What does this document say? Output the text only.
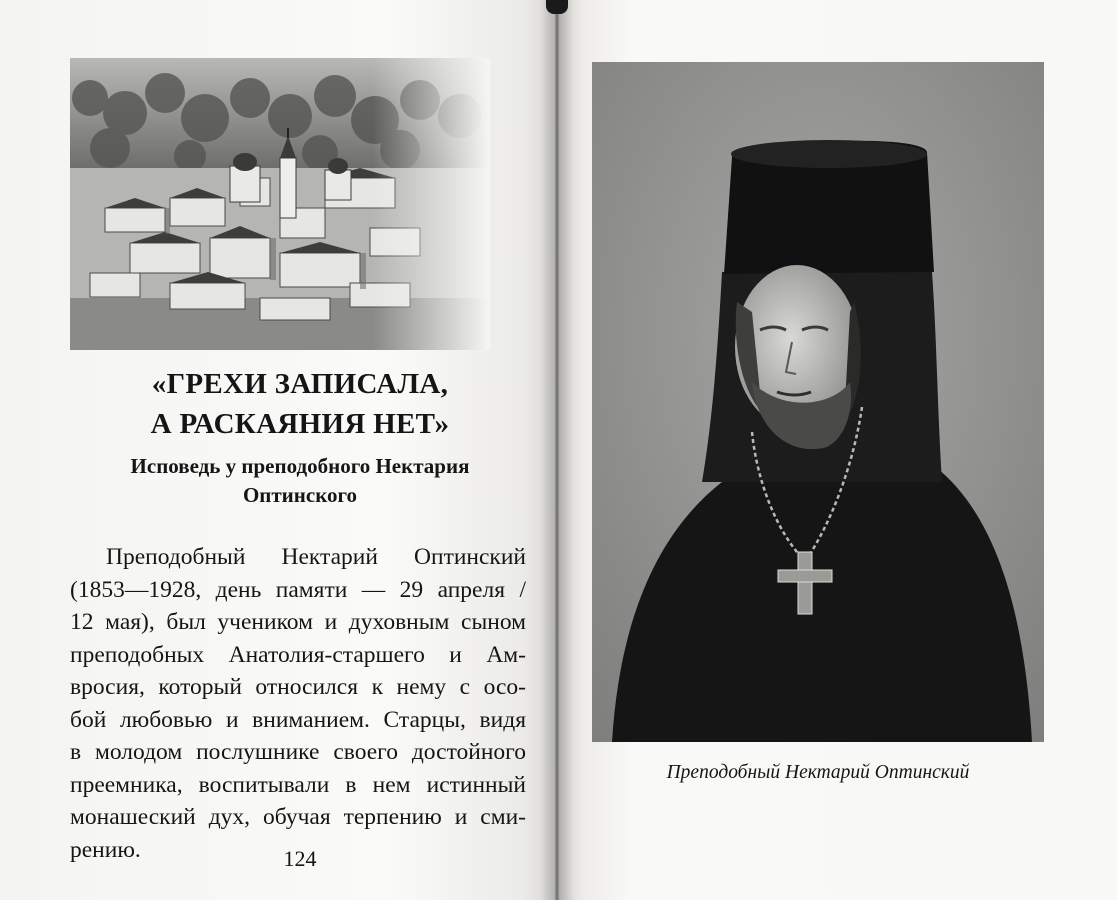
«ГРЕХИ ЗАПИСАЛА,
А РАСКАЯНИЯ НЕТ»
Исповедь у преподобного Нектария
Оптинского
Преподобный Нектарий Оптинский
(1853—1928, день памяти — 29 апреля /
12 мая), был учеником и духовным сыном
преподобных Анатолия-старшего и Ам-
вросия, который относился к нему с осо-
бой любовью и вниманием. Старцы, видя
в молодом послушнике своего достойного
преемника, воспитывали в нем истинный
монашеский дух, обучая терпению и сми-
рению.	124
Преподобный Нектарий Оптинский
